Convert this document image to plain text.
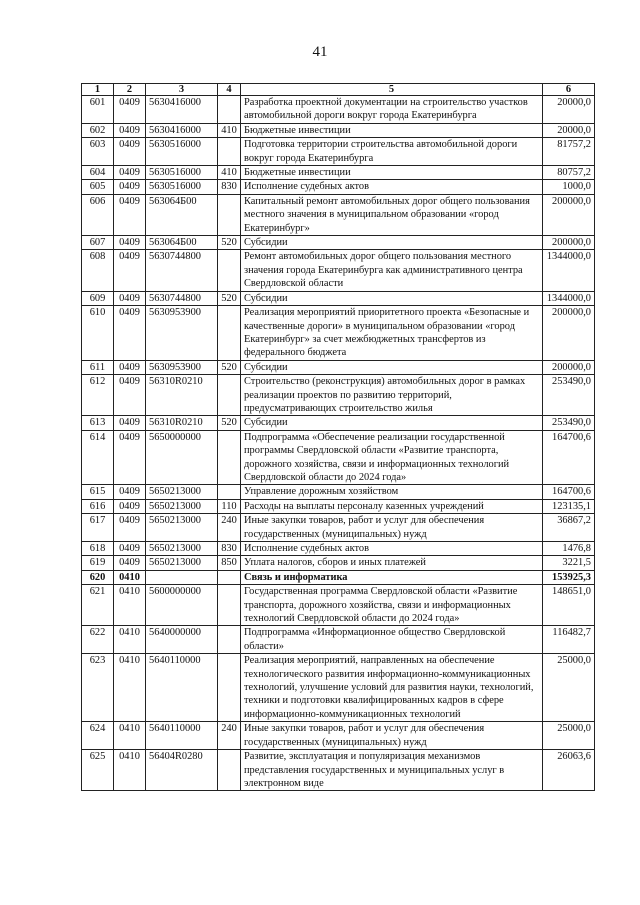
41
1	2	3	4	5	6
601	0409	5630416000		Разработка проектной документации на строительство участков автомобильной дороги вокруг города Екатеринбурга	20000,0
602	0409	5630416000	410	Бюджетные инвестиции	20000,0
603	0409	5630516000		Подготовка территории строительства автомобильной дороги вокруг города Екатеринбурга	81757,2
604	0409	5630516000	410	Бюджетные инвестиции	80757,2
605	0409	5630516000	830	Исполнение судебных актов	1000,0
606	0409	563064Б00		Капитальный ремонт автомобильных дорог общего пользования местного значения в муниципальном образовании «город Екатеринбург»	200000,0
607	0409	563064Б00	520	Субсидии	200000,0
608	0409	5630744800		Ремонт автомобильных дорог общего пользования местного значения города Екатеринбурга как административного центра Свердловской области	1344000,0
609	0409	5630744800	520	Субсидии	1344000,0
610	0409	5630953900		Реализация мероприятий приоритетного проекта «Безопасные и качественные дороги» в муниципальном образовании «город Екатеринбург» за счет межбюджетных трансфертов из федерального бюджета	200000,0
611	0409	5630953900	520	Субсидии	200000,0
612	0409	56310R0210		Строительство (реконструкция) автомобильных дорог в рамках реализации проектов по развитию территорий, предусматривающих строительство жилья	253490,0
613	0409	56310R0210	520	Субсидии	253490,0
614	0409	5650000000		Подпрограмма «Обеспечение реализации государственной программы Свердловской области «Развитие транспорта, дорожного хозяйства, связи и информационных технологий Свердловской области до 2024 года»	164700,6
615	0409	5650213000		Управление дорожным хозяйством	164700,6
616	0409	5650213000	110	Расходы на выплаты персоналу казенных учреждений	123135,1
617	0409	5650213000	240	Иные закупки товаров, работ и услуг для обеспечения государственных (муниципальных) нужд	36867,2
618	0409	5650213000	830	Исполнение судебных актов	1476,8
619	0409	5650213000	850	Уплата налогов, сборов и иных платежей	3221,5
620	0410			Связь и информатика	153925,3
621	0410	5600000000		Государственная программа Свердловской области «Развитие транспорта, дорожного хозяйства, связи и информационных технологий Свердловской области до 2024 года»	148651,0
622	0410	5640000000		Подпрограмма «Информационное общество Свердловской области»	116482,7
623	0410	5640110000		Реализация мероприятий, направленных на обеспечение технологического развития информационно-коммуникационных технологий, улучшение условий для развития науки, технологий, техники и подготовки квалифицированных кадров в сфере информационно-коммуникационных технологий	25000,0
624	0410	5640110000	240	Иные закупки товаров, работ и услуг для обеспечения государственных (муниципальных) нужд	25000,0
625	0410	56404R0280		Развитие, эксплуатация и популяризация механизмов представления государственных и муниципальных услуг в электронном виде	26063,6
